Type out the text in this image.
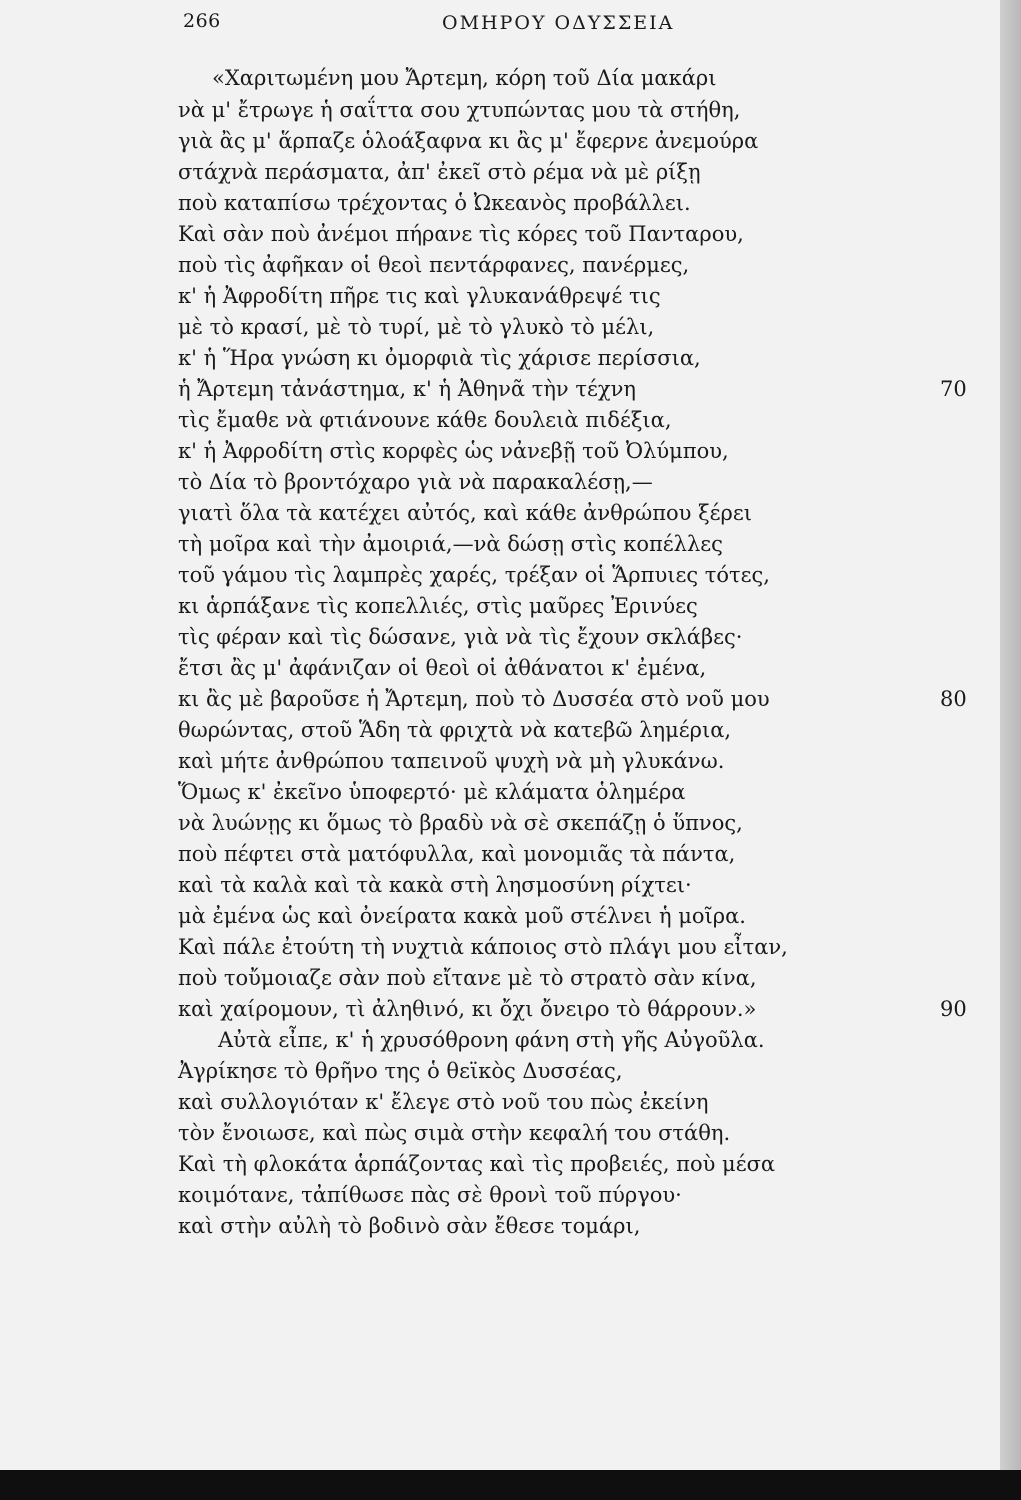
266	ΟΜΗΡΟΥ ΟΔΥΣΣΕΙΑ
«Χαριτωμένη μου Ἄρτεμη, κόρη τοῦ Δία μακάρι
νὰ μ' ἔτρωγε ἡ σαΐττα σου χτυπώντας μου τὰ στήθη,
γιὰ ἂς μ' ἅρπαζε ὁλοάξαφνα κι ἂς μ' ἔφερνε ἀνεμούρα
στάχνὰ περάσματα, ἀπ' ἐκεῖ στὸ ρέμα νὰ μὲ ρίξῃ
ποὺ καταπίσω τρέχοντας ὁ Ὠκεανὸς προβάλλει.
Καὶ σὰν ποὺ ἀνέμοι πήρανε τὶς κόρες τοῦ Πανταρου,
ποὺ τὶς ἀφῆκαν οἱ θεοὶ πεντάρφανες, πανέρμες,
κ' ἡ Ἀφροδίτη πῆρε τις καὶ γλυκανάθρεψέ τις
μὲ τὸ κρασί, μὲ τὸ τυρί, μὲ τὸ γλυκὸ τὸ μέλι,
κ' ἡ Ἥρα γνώση κι ὀμορφιὰ τὶς χάρισε περίσσια,
ἡ Ἄρτεμη τἀνάστημα, κ' ἡ Ἀθηνᾶ τὴν τέχνη
τὶς ἔμαθε νὰ φτιάνουνε κάθε δουλειὰ πιδέξια,
κ' ἡ Ἀφροδίτη στὶς κορφὲς ὡς νἀνεβῇ τοῦ Ὀλύμπου,
τὸ Δία τὸ βροντόχαρο γιὰ νὰ παρακαλέσῃ,—
γιατὶ ὅλα τὰ κατέχει αὐτός, καὶ κάθε ἀνθρώπου ξέρει
τὴ μοῖρα καὶ τὴν ἀμοιριά,—νὰ δώσῃ στὶς κοπέλλες
τοῦ γάμου τὶς λαμπρὲς χαρές, τρέξαν οἱ Ἅρπυιες τότες,
κι ἁρπάξανε τὶς κοπελλιές, στὶς μαῦρες Ἐρινύες
τὶς φέραν καὶ τὶς δώσανε, γιὰ νὰ τὶς ἔχουν σκλάβες·
ἔτσι ἂς μ' ἀφάνιζαν οἱ θεοὶ οἱ ἀθάνατοι κ' ἐμένα,
κι ἂς μὲ βαροῦσε ἡ Ἄρτεμη, ποὺ τὸ Δυσσέα στὸ νοῦ μου
θωρώντας, στοῦ Ἅδη τὰ φριχτὰ νὰ κατεβῶ λημέρια,
καὶ μήτε ἀνθρώπου ταπεινοῦ ψυχὴ νὰ μὴ γλυκάνω.
Ὅμως κ' ἐκεῖνο ὑποφερτό· μὲ κλάματα ὁλημέρα
νὰ λυώνῃς κι ὅμως τὸ βραδὺ νὰ σὲ σκεπάζῃ ὁ ὕπνος,
ποὺ πέφτει στὰ ματόφυλλα, καὶ μονομιᾶς τὰ πάντα,
καὶ τὰ καλὰ καὶ τὰ κακὰ στὴ λησμοσύνη ρίχτει·
μὰ ἐμένα ὡς καὶ ὀνείρατα κακὰ μοῦ στέλνει ἡ μοῖρα.
Καὶ πάλε ἐτούτη τὴ νυχτιὰ κάποιος στὸ πλάγι μου εἶταν,
ποὺ τοὔμοιαζε σὰν ποὺ εἴτανε μὲ τὸ στρατὸ σὰν κίνα,
καὶ χαίρομουν, τὶ ἀληθινό, κι ὄχι ὄνειρο τὸ θάρρουν.»
Αὐτὰ εἶπε, κ' ἡ χρυσόθρονη φάνη στὴ γῆς Αὐγοῦλα.
Ἀγρίκησε τὸ θρῆνο της ὁ θεϊκὸς Δυσσέας,
καὶ συλλογιόταν κ' ἔλεγε στὸ νοῦ του πὼς ἐκείνη
τὸν ἔνοιωσε, καὶ πὼς σιμὰ στὴν κεφαλή του στάθη.
Καὶ τὴ φλοκάτα ἁρπάζοντας καὶ τὶς προβειές, ποὺ μέσα
κοιμότανε, τἀπίθωσε πὰς σὲ θρονὶ τοῦ πύργου·
καὶ στὴν αὐλὴ τὸ βοδινὸ σὰν ἔθεσε τομάρι,
70
80
90
